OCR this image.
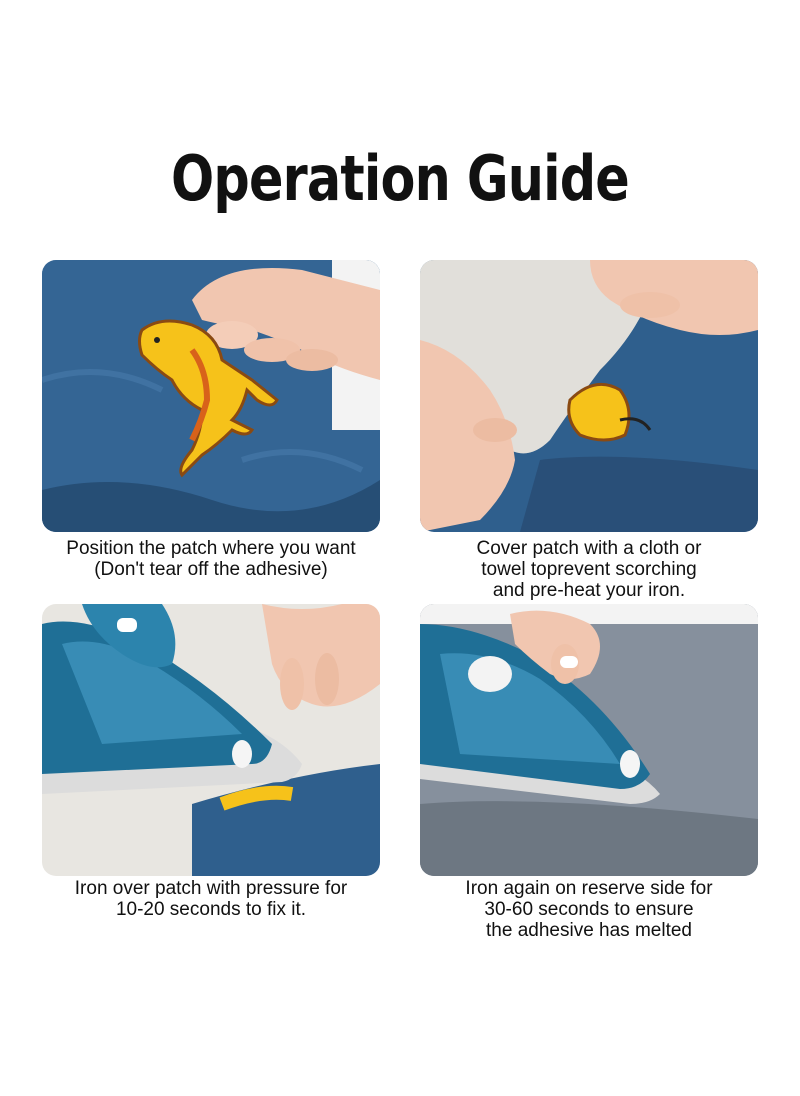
Operation Guide
Position the patch where you want
(Don't tear off the adhesive)
Cover patch with a cloth or
towel toprevent scorching
and pre-heat your iron.
Iron over patch with pressure for
10-20 seconds to fix it.
Iron again on reserve side for
30-60 seconds to ensure
the adhesive has melted
